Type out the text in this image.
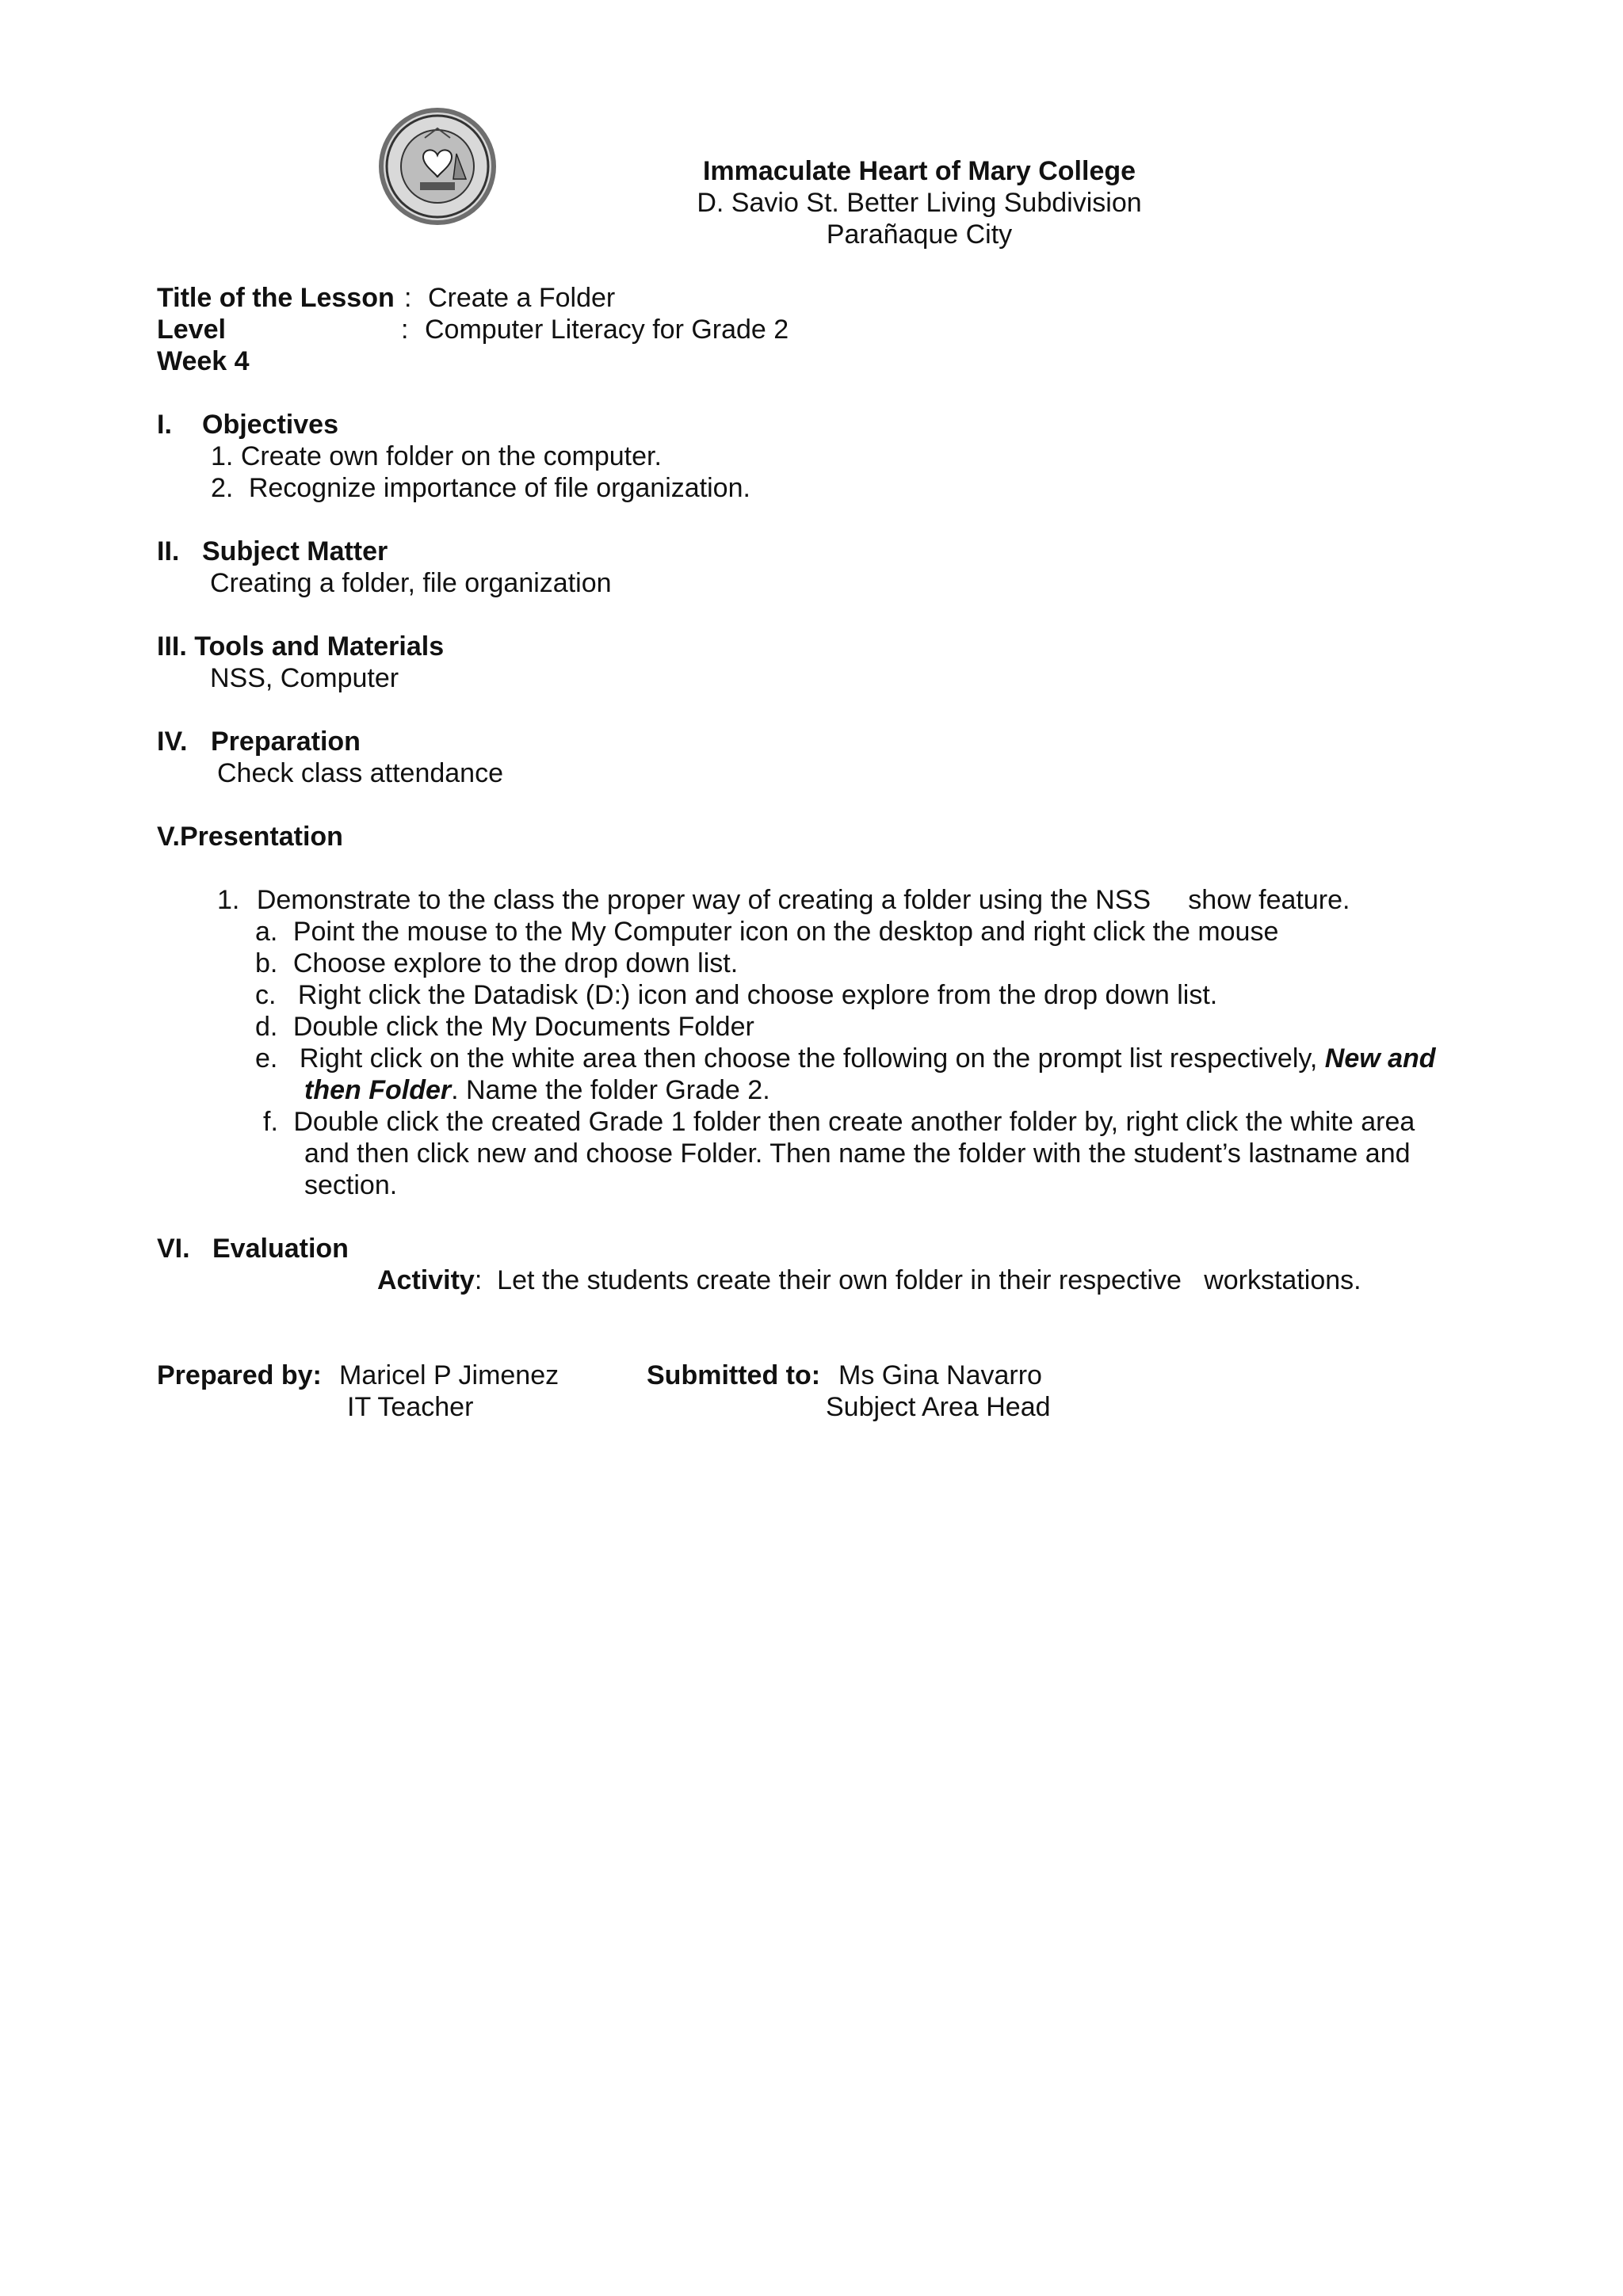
Immaculate Heart of Mary College
D. Savio St. Better Living Subdivision
Parañaque City
Title of the Lesson : Create a Folder
Level	: Computer Literacy for Grade 2
Week 4
I. Objectives
1. Create own folder on the computer.
2. Recognize importance of file organization.
II. Subject Matter
Creating a folder, file organization
III. Tools and Materials
NSS, Computer
IV. Preparation
Check class attendance
V.Presentation
1. Demonstrate to the class the proper way of creating a folder using the NSS     show feature.
a. Point the mouse to the My Computer icon on the desktop and right click the mouse
b. Choose explore to the drop down list.
c. Right click the Datadisk (D:) icon and choose explore from the drop down list.
d. Double click the My Documents Folder
e. Right click on the white area then choose the following on the prompt list respectively, New and
then Folder. Name the folder Grade 2.
f. Double click the created Grade 1 folder then create another folder by, right click the white area
and then click new and choose Folder. Then name the folder with the student’s lastname and
section.
VI. Evaluation
Activity:  Let the students create their own folder in their respective   workstations.
Prepared by: Maricel P Jimenez
IT Teacher
Submitted to: Ms Gina Navarro
Subject Area Head
